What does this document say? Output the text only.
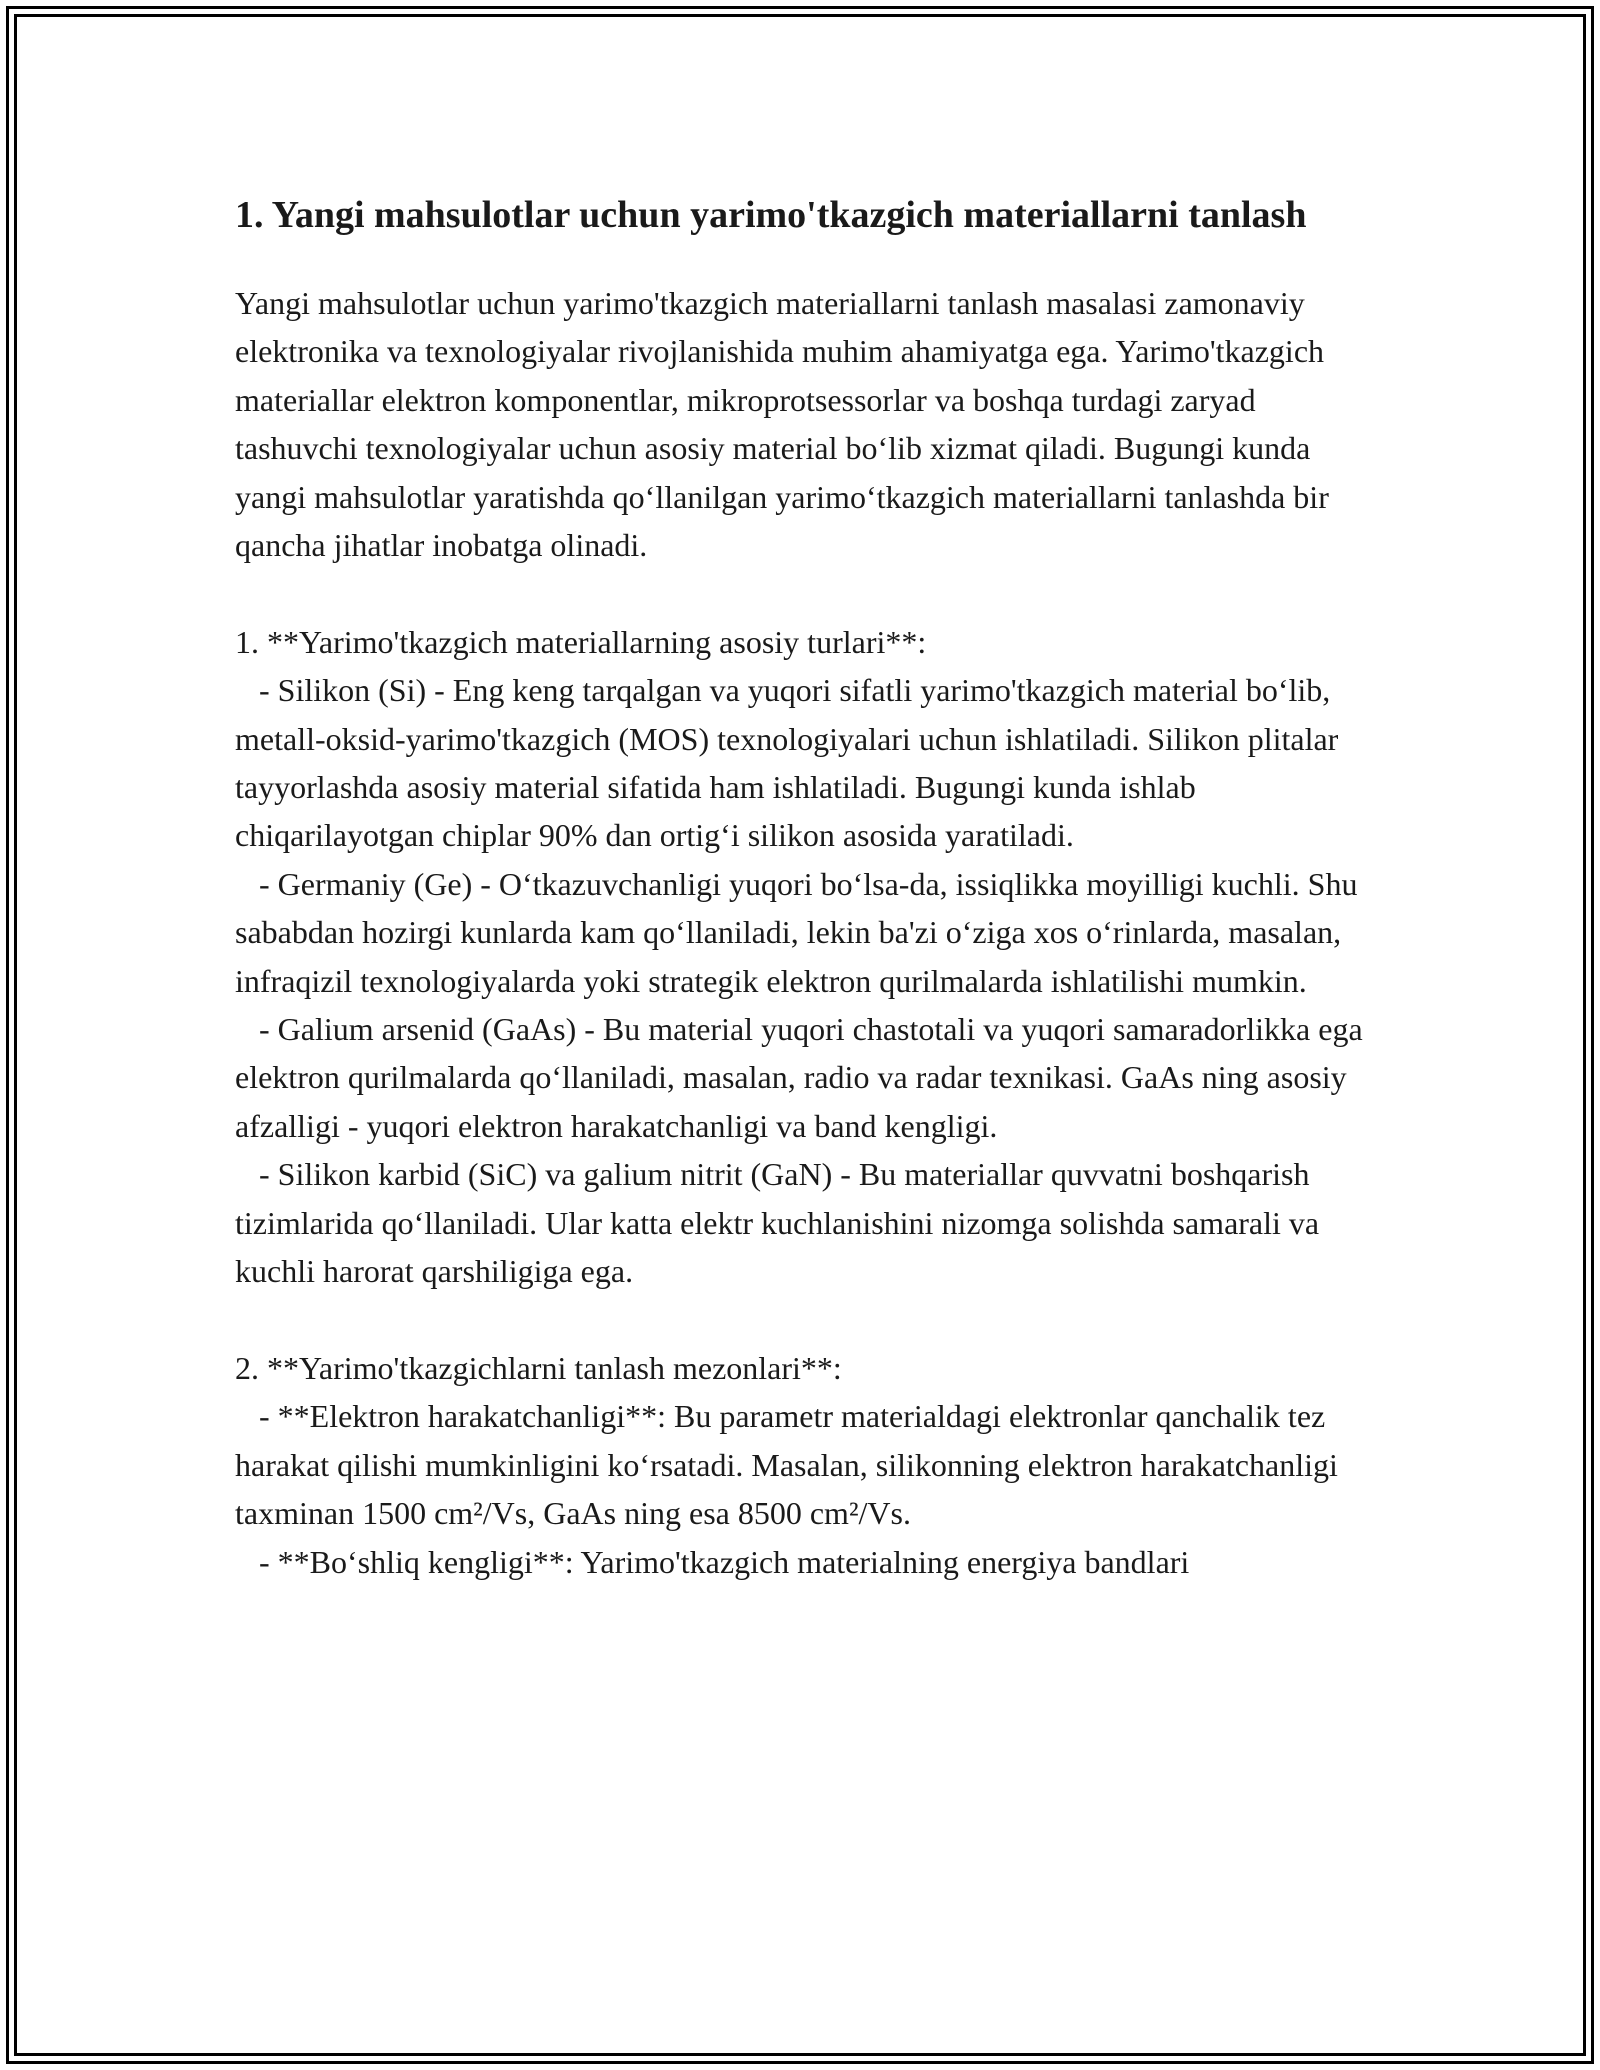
1. Yangi mahsulotlar uchun yarimo'tkazgich materiallarni tanlash

Yangi mahsulotlar uchun yarimo'tkazgich materiallarni tanlash masalasi zamonaviy elektronika va texnologiyalar rivojlanishida muhim ahamiyatga ega. Yarimo'tkazgich materiallar elektron komponentlar, mikroprotsessorlar va boshqa turdagi zaryad tashuvchi texnologiyalar uchun asosiy material bo‘lib xizmat qiladi. Bugungi kunda yangi mahsulotlar yaratishda qo‘llanilgan yarimo‘tkazgich materiallarni tanlashda bir qancha jihatlar inobatga olinadi.

1. **Yarimo'tkazgich materiallarning asosiy turlari**:

- Silikon (Si) - Eng keng tarqalgan va yuqori sifatli yarimo'tkazgich material bo‘lib, metall-oksid-yarimo'tkazgich (MOS) texnologiyalari uchun ishlatiladi. Silikon plitalar tayyorlashda asosiy material sifatida ham ishlatiladi. Bugungi kunda ishlab chiqarilayotgan chiplar 90% dan ortig‘i silikon asosida yaratiladi.

- Germaniy (Ge) - O‘tkazuvchanligi yuqori bo‘lsa-da, issiqlikka moyilligi kuchli. Shu sababdan hozirgi kunlarda kam qo‘llaniladi, lekin ba'zi o‘ziga xos o‘rinlarda, masalan, infraqizil texnologiyalarda yoki strategik elektron qurilmalarda ishlatilishi mumkin.

- Galium arsenid (GaAs) - Bu material yuqori chastotali va yuqori samaradorlikka ega elektron qurilmalarda qo‘llaniladi, masalan, radio va radar texnikasi. GaAs ning asosiy afzalligi - yuqori elektron harakatchanligi va band kengligi.

- Silikon karbid (SiC) va galium nitrit (GaN) - Bu materiallar quvvatni boshqarish tizimlarida qo‘llaniladi. Ular katta elektr kuchlanishini nizomga solishda samarali va kuchli harorat qarshiligiga ega.

2. **Yarimo'tkazgichlarni tanlash mezonlari**:

- **Elektron harakatchanligi**: Bu parametr materialdagi elektronlar qanchalik tez harakat qilishi mumkinligini ko‘rsatadi. Masalan, silikonning elektron harakatchanligi taxminan 1500 cm²/Vs, GaAs ning esa 8500 cm²/Vs.

- **Bo‘shliq kengligi**: Yarimo'tkazgich materialning energiya bandlari
